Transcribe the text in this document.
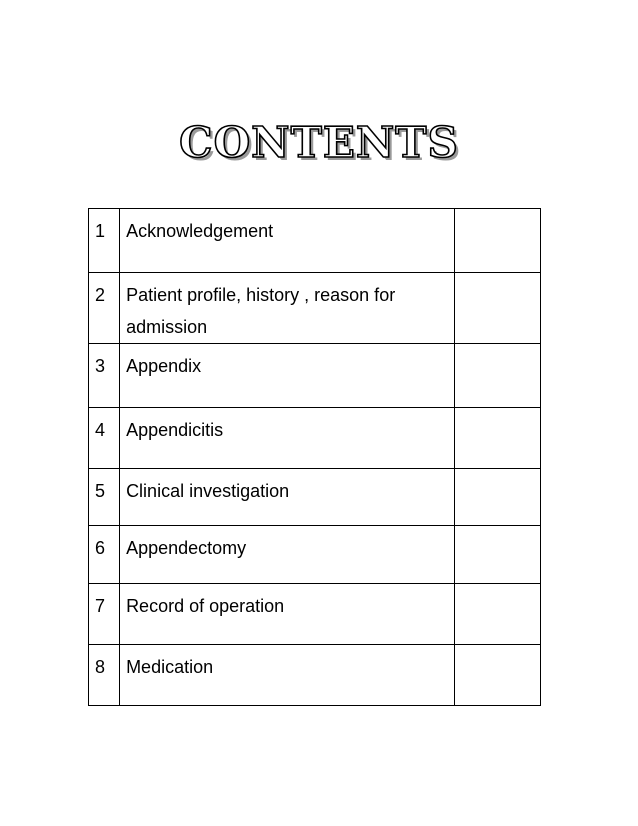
CONTENTS
1	Acknowledgement	
2	Patient profile, history , reason for admission	
3	Appendix	
4	Appendicitis	
5	Clinical investigation	
6	Appendectomy	
7	Record of operation	
8	Medication	
